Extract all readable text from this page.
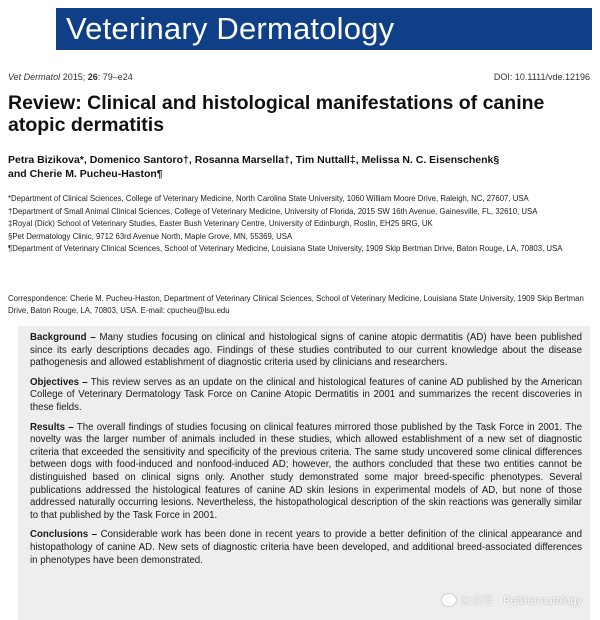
Veterinary Dermatology
Vet Dermatol 2015; 26: 79–e24	DOI: 10.1111/vde.12196
Review: Clinical and histological manifestations of canine atopic dermatitis
Petra Bizikova*, Domenico Santoro†, Rosanna Marsella†, Tim Nuttall‡, Melissa N. C. Eisenschenk§
and Cherie M. Pucheu-Haston¶

*Department of Clinical Sciences, College of Veterinary Medicine, North Carolina State University, 1060 William Moore Drive, Raleigh, NC, 27607, USA

†Department of Small Animal Clinical Sciences, College of Veterinary Medicine, University of Florida, 2015 SW 16th Avenue, Gainesville, FL, 32610, USA

‡Royal (Dick) School of Veterinary Studies, Easter Bush Veterinary Centre, University of Edinburgh, Roslin, EH25 9RG, UK

§Pet Dermatology Clinic, 9712 63rd Avenue North, Maple Grove, MN, 55369, USA

¶Department of Veterinary Clinical Sciences, School of Veterinary Medicine, Louisiana State University, 1909 Skip Bertman Drive, Baton Rouge, LA, 70803, USA

Correspondence: Cherie M. Pucheu-Haston, Department of Veterinary Clinical Sciences, School of Veterinary Medicine, Louisiana State University, 1909 Skip Bertman Drive, Baton Rouge, LA, 70803, USA. E-mail: cpucheu@lsu.edu

Background – Many studies focusing on clinical and histological signs of canine atopic dermatitis (AD) have been published since its early descriptions decades ago. Findings of these studies contributed to our current knowledge about the disease pathogenesis and allowed establishment of diagnostic criteria used by clinicians and researchers.

Objectives – This review serves as an update on the clinical and histological features of canine AD published by the American College of Veterinary Dermatology Task Force on Canine Atopic Dermatitis in 2001 and summarizes the recent discoveries in these fields.

Results – The overall findings of studies focusing on clinical features mirrored those published by the Task Force in 2001. The novelty was the larger number of animals included in these studies, which allowed establishment of a new set of diagnostic criteria that exceeded the sensitivity and specificity of the previous criteria. The same study uncovered some clinical differences between dogs with food-induced and nonfood-induced AD; however, the authors concluded that these two entities cannot be distinguished based on clinical signs only. Another study demonstrated some major breed-specific phenotypes. Several publications addressed the histological features of canine AD skin lesions in experimental models of AD, but none of those addressed naturally occurring lesions. Nevertheless, the histopathological description of the skin reactions was generally similar to that published by the Task Force in 2001.

Conclusions – Considerable work has been done in recent years to provide a better definition of the clinical appearance and histopathology of canine AD. New sets of diagnostic criteria have been developed, and additional breed-associated differences in phenotypes have been demonstrated.

公众号 · PetDermatology
